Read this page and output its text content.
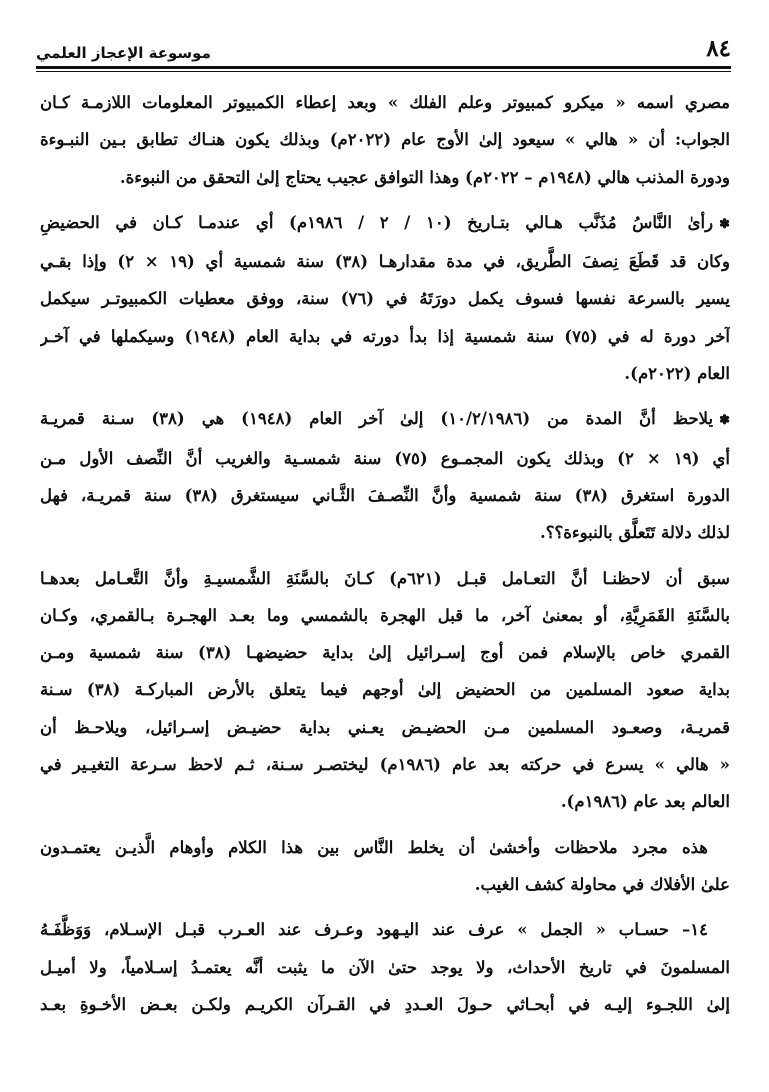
٨٤
موسوعة الإعجاز العلمي
مصري اسمه « ميكرو كمبيوتر وعلم الفلك » وبعد إعطاء الكمبيوتر المعلومات اللازمـة كـان
الجواب: أن « هالي » سيعود إلىٰ الأوج عام (٢٠٢٢م) وبذلك يكون هنـاك تطابق بـين النبـوءة
ودورة المذنب هالي (١٩٤٨م – ٢٠٢٢م) وهذا التوافق عجيب يحتاج إلىٰ التحقق من النبوءة.
✽رأىٰ النَّاسُ مُذَنَّب هـالي بتـاريخ (١٠ / ٢ / ١٩٨٦م) أي عندمـا كـان في الحضيضِ
وكان قد قَطَعَ نِصفَ الطَّريق، في مدة مقدارهـا (٣٨) سنة شمسية أي (١٩ × ٢) وإذا بقـي
يسير بالسرعة نفسها فسوف يكمل دورَتَهُ في (٧٦) سنة، ووفق معطيات الكمبيوتـر سيكمل
آخر دورة له في (٧٥) سنة شمسية إذا بدأ دورته في بداية العام (١٩٤٨) وسيكملها في آخـر
العام (٢٠٢٢م).
✽يلاحظ أنَّ المدة من (١٠/٢/١٩٨٦) إلىٰ آخر العام (١٩٤٨) هي (٣٨) سـنة قمريـة
أي (١٩ × ٢) وبذلك يكون المجمـوع (٧٥) سنة شمسـية والغريب أنَّ النِّصف الأول مـن
الدورة استغرق (٣٨) سنة شمسية وأنَّ النِّصـفَ الثَّـاني سيستغرق (٣٨) سنة قمريـة، فهل
لذلك دلالة تَتَعلَّق بالنبوءة؟؟.
سبق أن لاحظنـا أنَّ التعـامل قبـل (٦٢١م) كـانَ بالسَّنَةِ الشَّمسيـةِ وأنَّ التَّعـامل بعدهـا
بالسَّنَةِ القَمَرِيَّةِ، أو بمعنىٰ آخر، ما قبل الهجرة بالشمسي وما بعـد الهجـرة بـالقمري، وكـان
القمري خاص بالإسلام فمن أوج إسـرائيل إلىٰ بداية حضيضهـا (٣٨) سنة شمسية ومـن
بداية صعود المسلمين من الحضيض إلىٰ أوجهم فيما يتعلق بالأرض المباركـة (٣٨) سـنة
قمريـة، وصعـود المسلمين مـن الحضيـض يعـني بداية حضيـض إسـرائيل، ويلاحـظ أن
« هالي » يسرع في حركته بعد عام (١٩٨٦م) ليختصـر سـنة، ثـم لاحظ سـرعة التغيـير في
العالم بعد عام (١٩٨٦م).
هذه مجرد ملاحظات وأخشىٰ أن يخلط النَّاس بين هذا الكلام وأوهام الَّذيـن يعتمـدون
علىٰ الأفلاك في محاولة كشف الغيب.
١٤– حسـاب « الجمل » عرف عند اليـهود وعـرف عند العـرب قبـل الإسـلام، وَوَظَّفَـهُ
المسلمونَ في تاريخ الأحداث، ولا يوجد حتىٰ الآن ما يثبت أنَّه يعتمـدُ إسـلامياً، ولا أميـل
إلىٰ اللجـوء إليـه في أبحـاثي حـولَ العـددِ في القـرآن الكريـم ولكـن بعـض الأخـوةِ بعـد
